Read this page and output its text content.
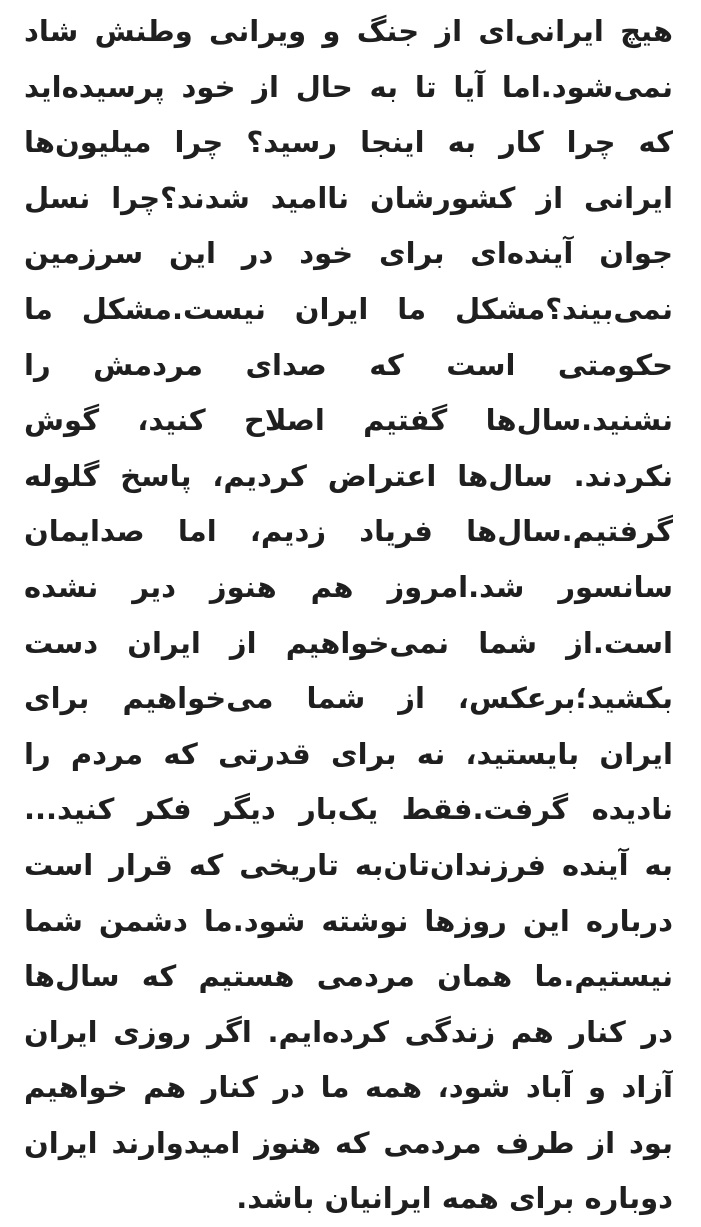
هیچ ایرانی‌ای از جنگ و ویرانی وطنش شاد
نمی‌شود.اما آیا تا به حال از خود پرسیده‌اید
که چرا کار به اینجا رسید؟ چرا میلیون‌ها
ایرانی از کشورشان ناامید شدند؟چرا نسل
جوان آینده‌ای برای خود در این سرزمین
نمی‌بیند؟مشکل ما ایران نیست.مشکل ما
حکومتی است که صدای مردمش را
نشنید.سال‌ها گفتیم اصلاح کنید، گوش
نکردند. سال‌ها اعتراض کردیم، پاسخ گلوله
گرفتیم.سال‌ها فریاد زدیم، اما صدایمان
سانسور شد.امروز هم هنوز دیر نشده
است.از شما نمی‌خواهیم از ایران دست
بکشید؛برعکس، از شما می‌خواهیم برای
ایران بایستید، نه برای قدرتی که مردم را
نادیده گرفت.فقط یک‌بار دیگر فکر کنید...
به آینده فرزندان‌تان‌به تاریخی که قرار است
درباره این روزها نوشته شود.ما دشمن شما
نیستیم.ما همان مردمی هستیم که سال‌ها
در کنار هم زندگی کرده‌ایم. اگر روزی ایران
آزاد و آباد شود، همه ما در کنار هم خواهیم
بود از طرف مردمی که هنوز امیدوارند ایران
دوباره برای همه ایرانیان باشد.
